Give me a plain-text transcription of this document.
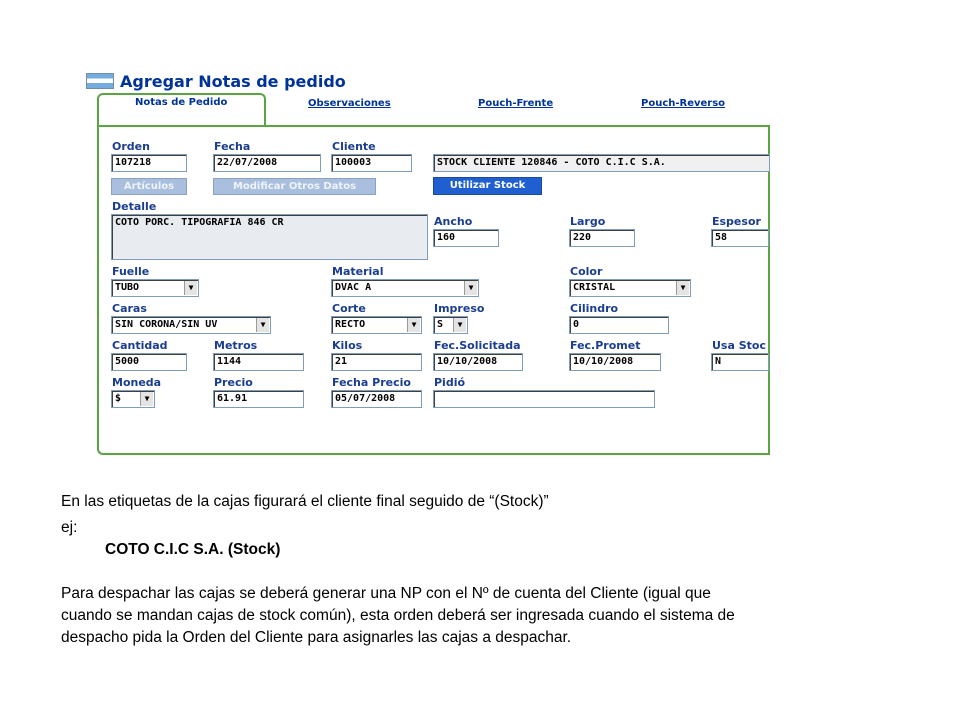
Agregar Notas de pedido
Notas de Pedido	Observaciones	Pouch-Frente	Pouch-Reverso
Orden
107218
Fecha
22/07/2008
Cliente
100003	STOCK CLIENTE 120846 - COTO C.I.C S.A.
Artículos	Modificar Otros Datos	Utilizar Stock
Detalle
COTO PORC. TIPOGRAFIA 846 CR	Ancho
160
Largo
220
Espesor
58
Fuelle
TUBO	▼
Material
DVAC A	▼
Color
CRISTAL	▼
Caras
SIN CORONA/SIN UV	▼
Corte
RECTO	▼
Impreso
S	▼
Cilindro
0
Cantidad
5000
Metros
1144
Kilos
21
Fec.Solicitada
10/10/2008
Fec.Promet
10/10/2008
Usa Stoc
N
Moneda
$	▼
Precio
61.91
Fecha Precio
05/07/2008
Pidió
En las etiquetas de la cajas figurará el cliente final seguido de “(Stock)”
ej:
COTO C.I.C S.A. (Stock)
Para despachar las cajas se deberá generar una NP con el Nº de cuenta del Cliente (igual que
cuando se mandan cajas de stock común), esta orden deberá ser ingresada cuando el sistema de
despacho pida la Orden del Cliente para asignarles las cajas a despachar.
